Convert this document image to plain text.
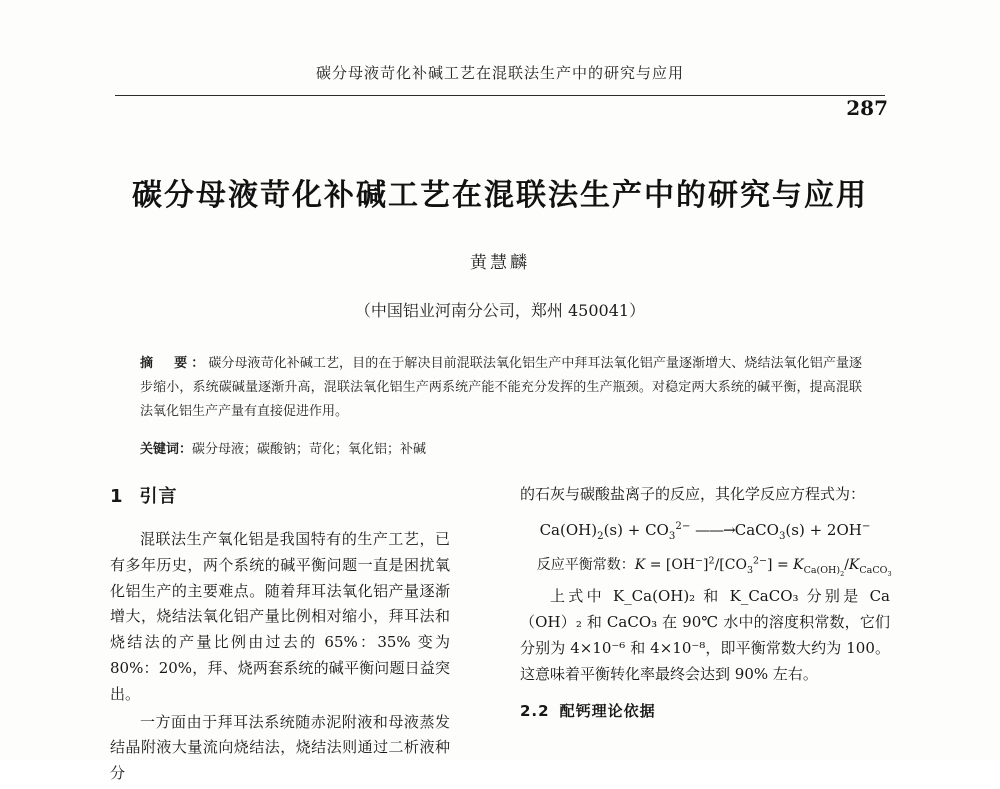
碳分母液苛化补碱工艺在混联法生产中的研究与应用
287
碳分母液苛化补碱工艺在混联法生产中的研究与应用
黄慧麟
（中国铝业河南分公司，郑州 450041）
摘　要：碳分母液苛化补碱工艺，目的在于解决目前混联法氧化铝生产中拜耳法氧化铝产量逐渐增大、烧结法氧化铝产量逐步缩小，系统碳碱量逐渐升高，混联法氧化铝生产两系统产能不能充分发挥的生产瓶颈。对稳定两大系统的碱平衡，提高混联法氧化铝生产产量有直接促进作用。
关键词：碳分母液；碳酸钠；苛化；氧化铝；补碱
1 引言

混联法生产氧化铝是我国特有的生产工艺，已有多年历史，两个系统的碱平衡问题一直是困扰氧化铝生产的主要难点。随着拜耳法氧化铝产量逐渐增大，烧结法氧化铝产量比例相对缩小，拜耳法和烧结法的产量比例由过去的 65%：35% 变为 80%：20%，拜、烧两套系统的碱平衡问题日益突出。

一方面由于拜耳法系统随赤泥附液和母液蒸发结晶附液大量流向烧结法，烧结法则通过二析液种分

的石灰与碳酸盐离子的反应，其化学反应方程式为：

$Ca(OH)_2(s) + CO_3^{2-}$ ——→CaCO$_3$(s) + 2OH−
反应平衡常数：$K = [OH^-]^2/[CO_3^{2-}] = K_{Ca(OH)_2}/K_{CaCO_3}$

上式中 K_Ca(OH)₂ 和 K_CaCO₃ 分别是 Ca（OH）₂ 和 CaCO₃ 在 90℃ 水中的溶度积常数，它们分别为 4×10⁻⁶ 和 4×10⁻⁸，即平衡常数大约为 100。这意味着平衡转化率最终会达到 90% 左右。

2.2 配钙理论依据
